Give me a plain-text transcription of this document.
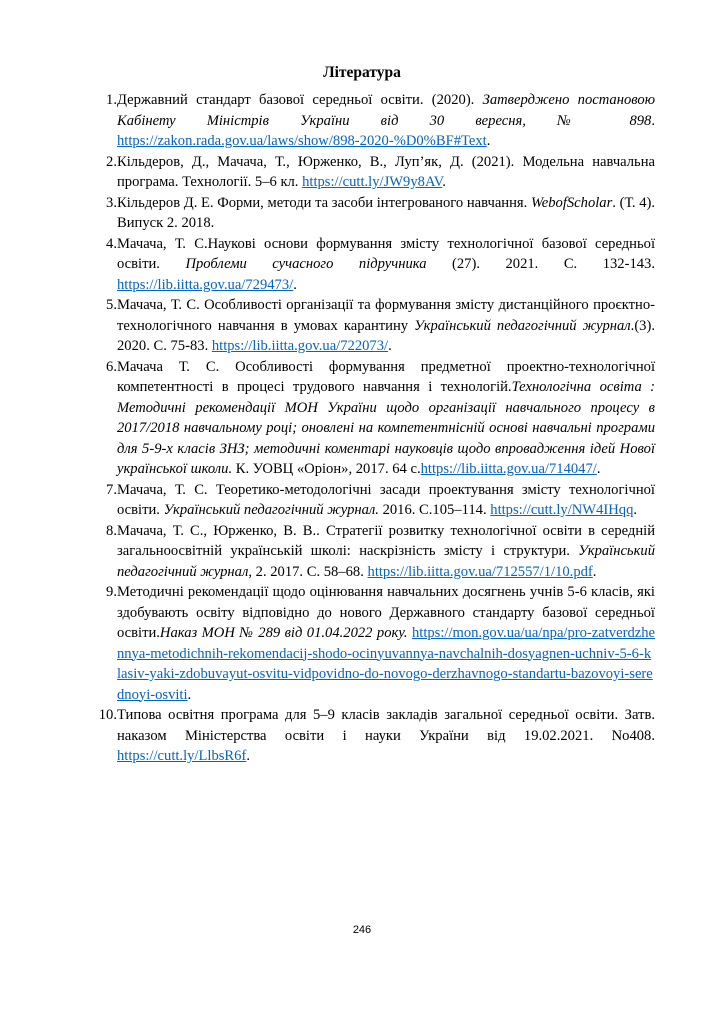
Література
1. Державний стандарт базової середньої освіти. (2020). Затверджено постановою Кабінету Міністрів України від 30 вересня, № 898. https://zakon.rada.gov.ua/laws/show/898-2020-%D0%BF#Text.
2. Кільдеров, Д., Мачача, Т., Юрженко, В., Луп’як, Д. (2021). Модельна навчальна програма. Технології. 5–6 кл. https://cutt.ly/JW9y8AV.
3. Кільдеров Д. Е. Форми, методи та засоби інтегрованого навчання. WebofScholar. (Т. 4). Випуск 2. 2018.
4. Мачача, Т. С.Наукові основи формування змісту технологічної базової середньої освіти. Проблеми сучасного підручника (27). 2021. С. 132-143. https://lib.iitta.gov.ua/729473/.
5. Мачача, Т. С. Особливості організації та формування змісту дистанційного проєктно-технологічного навчання в умовах карантину Український педагогічний журнал.(3). 2020. С. 75-83. https://lib.iitta.gov.ua/722073/.
6. Мачача Т. С. Особливості формування предметної проектно-технологічної компетентності в процесі трудового навчання і технологій.Технологічна освіта : Методичні рекомендації МОН України щодо організації навчального процесу в 2017/2018 навчальному році; оновлені на компетентнісній основі навчальні програми для 5-9-х класів ЗНЗ; методичні коментарі науковців щодо впровадження ідей Нової української школи. К. УОВЦ «Оріон», 2017. 64 с.https://lib.iitta.gov.ua/714047/.
7. Мачача, Т. С. Теоретико-методологічні засади проектування змісту технологічної освіти. Український педагогічний журнал. 2016. С.105–114. https://cutt.ly/NW4IHqq.
8. Мачача, Т. С., Юрженко, В. В.. Стратегії розвитку технологічної освіти в середній загальноосвітній українській школі: наскрізність змісту і структури. Український педагогічний журнал, 2. 2017. С. 58–68. https://lib.iitta.gov.ua/712557/1/10.pdf.
9. Методичні рекомендації щодо оцінювання навчальних досягнень учнів 5-6 класів, які здобувають освіту відповідно до нового Державного стандарту базової середньої освіти.Наказ МОН № 289 від 01.04.2022 року. https://mon.gov.ua/ua/npa/pro-zatverdzhennya-metodichnih-rekomendacij-shodo-ocinyuvannya-navchalnih-dosyagnen-uchniv-5-6-klasiv-yaki-zdobuvayut-osvitu-vidpovidno-do-novogo-derzhavnogo-standartu-bazovoyi-serednoyi-osviti.
10. Типова освітня програма для 5–9 класів закладів загальної середньої освіти. Затв. наказом Міністерства освіти і науки України від 19.02.2021. No408. https://cutt.ly/LlbsR6f.
246
